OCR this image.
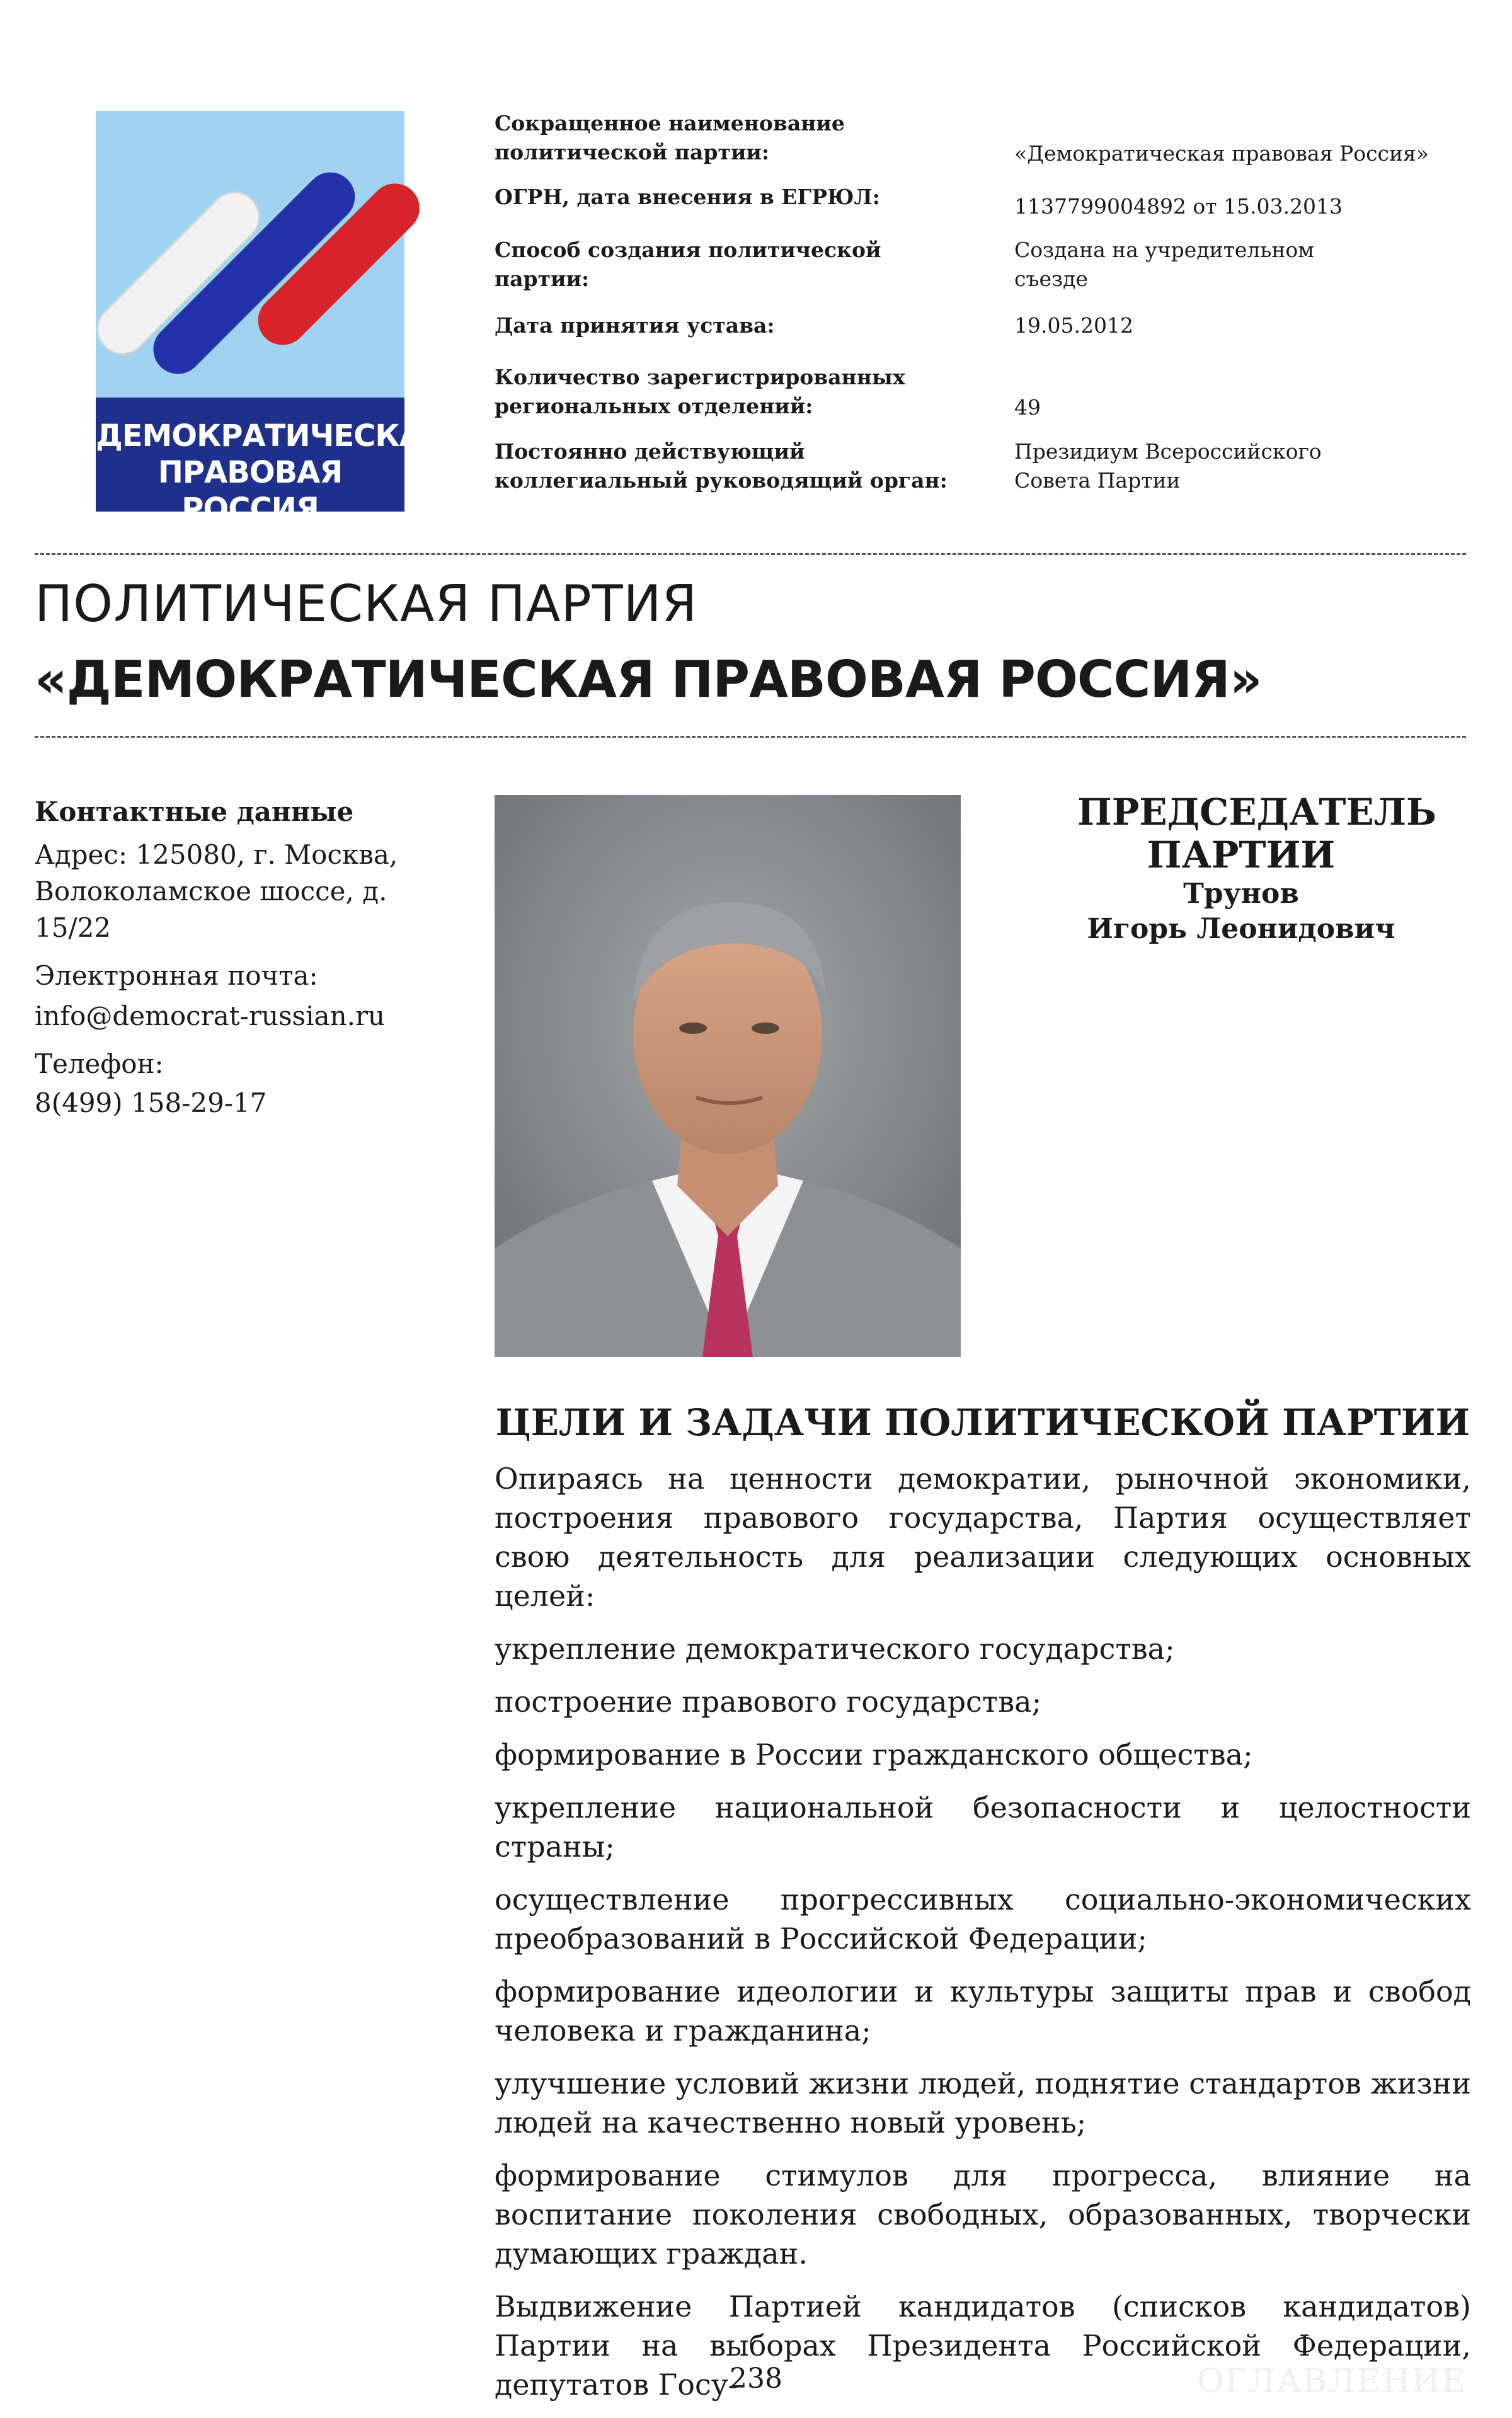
ДЕМОКРАТИЧЕСКАЯ
ПРАВОВАЯ РОССИЯ
Сокращенное наименование политической партии:	«Демократическая правовая Россия»
ОГРН, дата внесения в ЕГРЮЛ:	1137799004892 от 15.03.2013
Способ создания политической партии:
Создана на учредительном съезде
Дата принятия устава:	19.05.2012
Количество зарегистрированных региональных отделений:	49
Постоянно действующий коллегиальный руководящий орган:
Президиум Всероссийского Совета Партии
ПОЛИТИЧЕСКАЯ ПАРТИЯ
«ДЕМОКРАТИЧЕСКАЯ ПРАВОВАЯ РОССИЯ»
Контактные данные
Адрес: 125080, г. Москва, Волоколамское шоссе, д. 15/22
Электронная почта:
info@democrat-russian.ru
Телефон:
8(499) 158-29-17
ПРЕДСЕДАТЕЛЬ ПАРТИИ
Трунов
Игорь Леонидович
ЦЕЛИ И ЗАДАЧИ ПОЛИТИЧЕСКОЙ ПАРТИИ

Опираясь на ценности демократии, рыночной экономики, построения правового государства, Партия осуществляет свою деятельность для реализации следующих основных целей:

укрепление демократического государства;

построение правового государства;

формирование в России гражданского общества;

укрепление национальной безопасности и целостности страны;

осуществление прогрессивных социально-экономических преобразований в Российской Федерации;

формирование идеологии и культуры защиты прав и свобод человека и гражданина;

улучшение условий жизни людей, поднятие стандартов жизни людей на качественно новый уровень;

формирование стимулов для прогресса, влияние на воспитание поколения свободных, образованных, творчески думающих граждан.

Выдвижение Партией кандидатов (списков кандидатов) Партии на выборах Президента Российской Федерации, депутатов Госу-

238	ОГЛАВЛЕНИЕ
